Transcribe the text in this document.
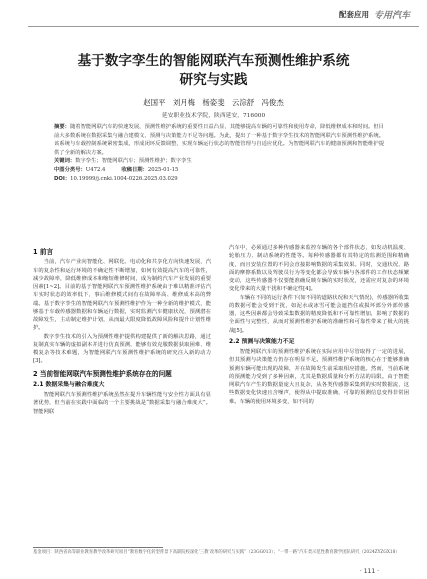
配套应用 专用汽车
基于数字孪生的智能网联汽车预测性维护系统
研究与实践
赵国平　刘月梅　杨姿斐　云淙舒　冯俊杰
延安职业技术学院，陕西延安，716000

摘要：随着智能网联汽车的快速发展，预测性维护系统的重要性日益凸显，其能够提高车辆的可靠性和使用寿命，降低维修成本和时间。但目前大多数系统在数据采集与融合建模文、预测与决策能力不足等问题。为此，提出了一种基于数字孪生技术的智能网联汽车预测性维护系统。该系统与车载控制系统紧密集成，形成闭环反馈调整，实现车辆运行状态的智能管理与自适应优化。为智能网联汽车的健康预测和智能维护提供了全新的解决方案。

关键词：数字孪生；智能网联汽车；预测性维护；数字孪生

中图分类号：U472.4　　　	收稿日期：2025-01-15

DOI：10.19999/j.cnki.1004-0226.2025.03.029

1 前言

当前，汽车产业向智能化、网联化、电动化和共享化方向快速发展，汽车的复杂性和运行环境的不确定性不断增加，如何有效提高汽车的可靠性，减少故障率，降低维修成本和缩短维修时间，成为制约汽车产业发展的重要因素[1~2]。目前的基于智能网联汽车预测性维护系统由于难以精准评估汽车实时状态的效率低下，事后维修模式间有在故障率高、维修成本高的弊端。基于数字孪生的智能网联汽车预测性维护作为一种全新的维护模式，能够基于车载传感器数据和车辆运行数据，实时监测汽车健康状况，预测潜在故障发生，主动制定维护计划，从而最大限度降低故障风险和提升计划性维护。

数字孪生技术的引入为预测性维护提供构建提供了新的解决思路，通过复制真实车辆的虚拟副本并进行仿真预测，能够有效克服数据获取困难、维模复杂等技术难题，为智能网联汽车预测性维护系统的研究注入新的动力[3]。

2 当前智能网联汽车预测性维护系统存在的问题
2.1 数据采集与融合难度大

智能网联汽车预测性维护系统虽然在提升车辆性能与安全性方面具有显著优势，但当前在实践中面临的一个主要挑战是“数据采集与融合难度大”。智能网联

汽车中，必须通过多种传感器来监控车辆的各个部件状态，如发动机温度、轮胎压力、制动系统的性能等。每种传感器都有其特定的监测范围和精确度，而且安装位置的不同会直接影响数据的采集效果。同时，交通状况、路面的摩擦系数以及驾驶员行为等变化都会导致车辆与各部件的工作状态频繁变动，这些传感器不仅要能准确反映车辆的实时状况，还需应对复杂的环境变化带来的大量干扰和不确定性[4]。

车辆在不同的运行条件下(如不同的道路状况和天气情况)，传感器所收集的数据可能会受到干扰，如泥水或冰雪可能会遮挡住或损坏部分外部传感器，这些因素都会导致采集数据的精度降低和不可靠性增加，影响了数据的全面性与完整性，从而对预测性维护系统的准确性和可靠性带来了极大的挑战[5]。

2.2 预测与决策能力不足

智能网联汽车的预测性维护系统在实际应用中尽管取得了一定的进展，但其预测与决策能力仍存在明显不足。预测性维护系统的核心在于能够准确预测车辆可能出现的故障，并在故障发生前采取相应措施。然而，当前系统的预测能力受到了多种因素，尤其是数据质量和分析方法的局限。由于智能网联汽车产生的数据量庞大且复杂，从各类传感器采集到的实时数据流，这些数据变化快速且含噪声，使得从中提取准确、可靠的预测信息变得非常困难。车辆的使用环境多变，如不同的

基金项目：陕西省高等职业教育教学改革研究项目“教育数字化转型背景下高职院校深化‘三教’改革的研究与实践”（23GG013）；“一带一路”汽车类示范性教育教学团队研究（2024ZYZGX18）

· 111 ·
